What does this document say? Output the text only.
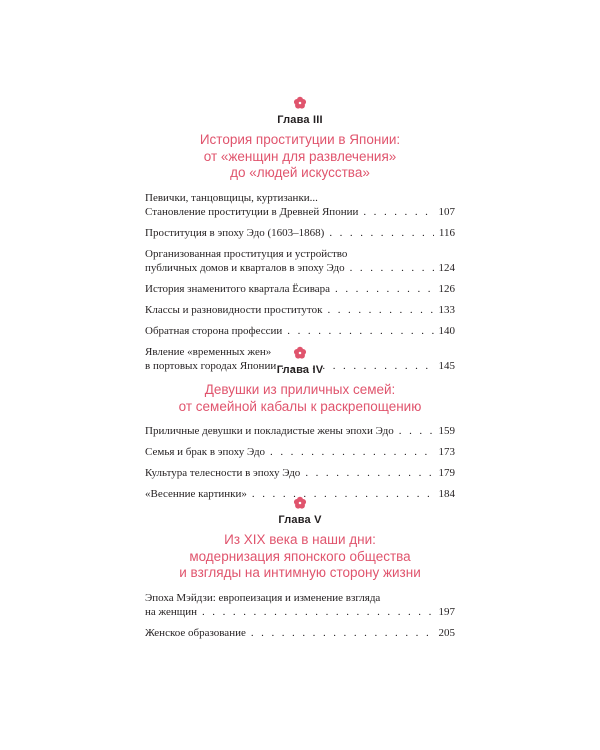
Глава III
История проституции в Японии:
от «женщин для развлечения»
до «людей искусства»
Певички, танцовщицы, куртизанки...
Становление проституции в Древней Японии . . .	107
Проституция в эпоху Эдо (1603–1868) . . .	116
Организованная проституция и устройство
публичных домов и кварталов в эпоху Эдо . . .	124
История знаменитого квартала Ёсивара . . .	126
Классы и разновидности проституток . . .	133
Обратная сторона профессии . . .	140
Явление «временных жен»
в портовых городах Японии . . .	145
Глава IV
Девушки из приличных семей:
от семейной кабалы к раскрепощению
Приличные девушки и покладистые жены эпохи Эдо . . .	159
Семья и брак в эпоху Эдо . . .	173
Культура телесности в эпоху Эдо . . .	179
«Весенние картинки» . . .	184
Глава V
Из XIX века в наши дни:
модернизация японского общества
и взгляды на интимную сторону жизни
Эпоха Мэйдзи: европеизация и изменение взгляда
на женщин . . .	197
Женское образование . . .	205
